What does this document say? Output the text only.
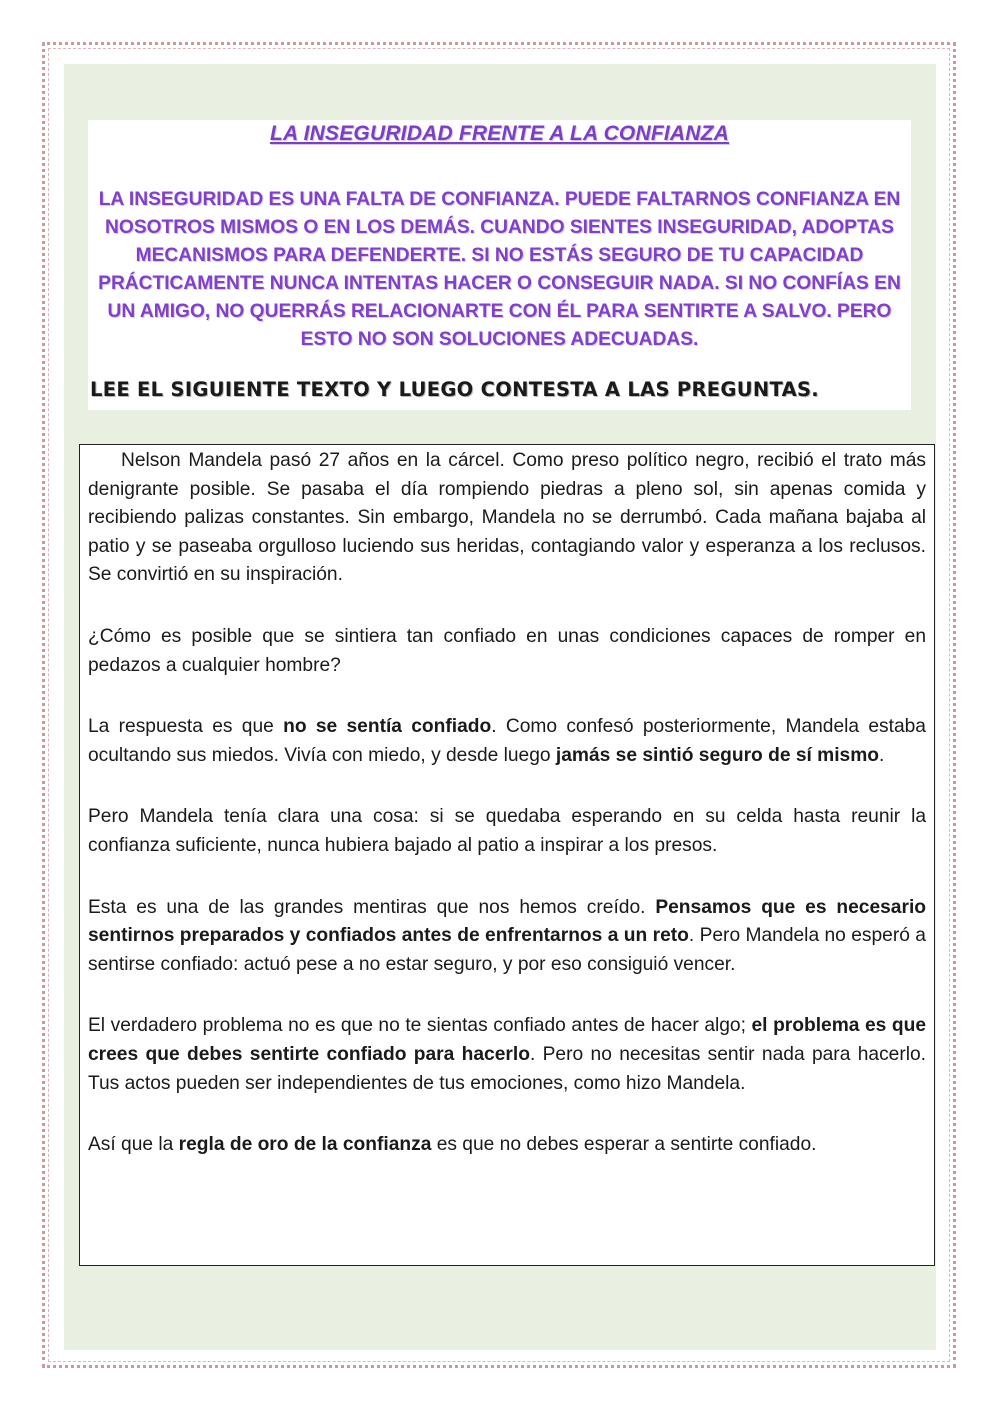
LA INSEGURIDAD FRENTE A LA CONFIANZA
LA INSEGURIDAD ES UNA FALTA DE CONFIANZA. PUEDE FALTARNOS CONFIANZA EN NOSOTROS MISMOS O EN LOS DEMÁS. CUANDO SIENTES INSEGURIDAD, ADOPTAS MECANISMOS PARA DEFENDERTE. SI NO ESTÁS SEGURO DE TU CAPACIDAD PRÁCTICAMENTE NUNCA INTENTAS HACER O CONSEGUIR NADA. SI NO CONFÍAS EN UN AMIGO, NO QUERRÁS RELACIONARTE CON ÉL PARA SENTIRTE A SALVO. PERO ESTO NO SON SOLUCIONES ADECUADAS.
LEE EL SIGUIENTE TEXTO Y LUEGO CONTESTA A LAS PREGUNTAS.

Nelson Mandela pasó 27 años en la cárcel. Como preso político negro, recibió el trato más denigrante posible. Se pasaba el día rompiendo piedras a pleno sol, sin apenas comida y recibiendo palizas constantes. Sin embargo, Mandela no se derrumbó. Cada mañana bajaba al patio y se paseaba orgulloso luciendo sus heridas, contagiando valor y esperanza a los reclusos. Se convirtió en su inspiración.

¿Cómo es posible que se sintiera tan confiado en unas condiciones capaces de romper en pedazos a cualquier hombre?

La respuesta es que no se sentía confiado. Como confesó posteriormente, Mandela estaba ocultando sus miedos. Vivía con miedo, y desde luego jamás se sintió seguro de sí mismo.

Pero Mandela tenía clara una cosa: si se quedaba esperando en su celda hasta reunir la confianza suficiente, nunca hubiera bajado al patio a inspirar a los presos.

Esta es una de las grandes mentiras que nos hemos creído. Pensamos que es necesario sentirnos preparados y confiados antes de enfrentarnos a un reto. Pero Mandela no esperó a sentirse confiado: actuó pese a no estar seguro, y por eso consiguió vencer.

El verdadero problema no es que no te sientas confiado antes de hacer algo; el problema es que crees que debes sentirte confiado para hacerlo. Pero no necesitas sentir nada para hacerlo. Tus actos pueden ser independientes de tus emociones, como hizo Mandela.

Así que la regla de oro de la confianza es que no debes esperar a sentirte confiado.
